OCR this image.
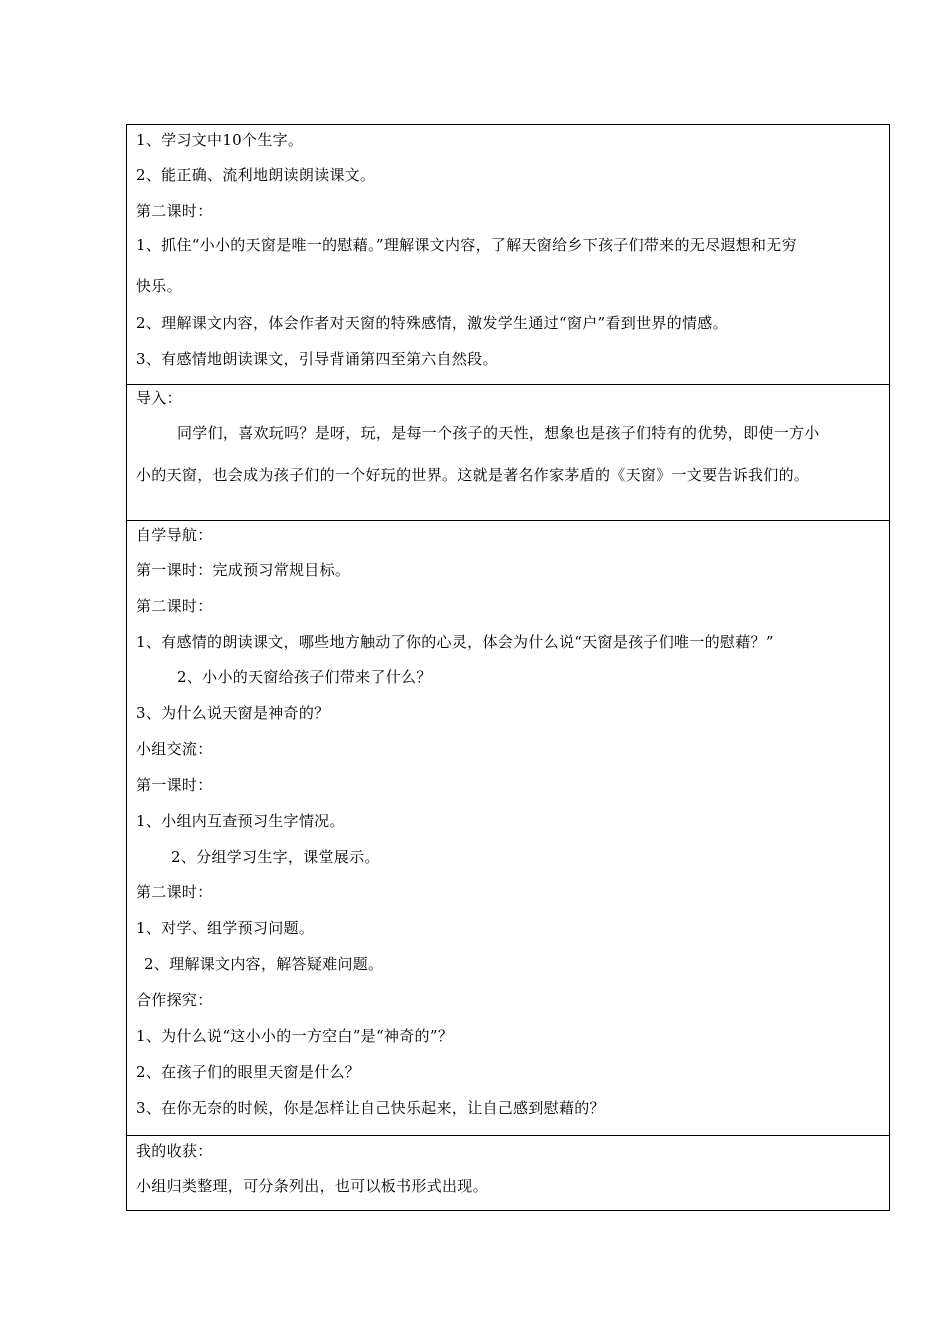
1、学习文中10个生字。
2、能正确、流利地朗读朗读课文。
第二课时：
1、抓住“小小的天窗是唯一的慰藉。”理解课文内容，了解天窗给乡下孩子们带来的无尽遐想和无穷
快乐。
2、理解课文内容，体会作者对天窗的特殊感情，激发学生通过“窗户”看到世界的情感。
3、有感情地朗读课文，引导背诵第四至第六自然段。
导入：
同学们，喜欢玩吗？是呀，玩，是每一个孩子的天性，想象也是孩子们特有的优势，即使一方小
小的天窗，也会成为孩子们的一个好玩的世界。这就是著名作家茅盾的《天窗》一文要告诉我们的。
自学导航：
第一课时：完成预习常规目标。
第二课时：
1、有感情的朗读课文，哪些地方触动了你的心灵，体会为什么说“天窗是孩子们唯一的慰藉？”
2、小小的天窗给孩子们带来了什么？
3、为什么说天窗是神奇的？
小组交流：
第一课时：
1、小组内互查预习生字情况。
2、分组学习生字，课堂展示。
第二课时：
1、对学、组学预习问题。
2、理解课文内容，解答疑难问题。
合作探究：
1、为什么说“这小小的一方空白”是“神奇的”？
2、在孩子们的眼里天窗是什么？
3、在你无奈的时候，你是怎样让自己快乐起来，让自己感到慰藉的？
我的收获：
小组归类整理，可分条列出，也可以板书形式出现。
